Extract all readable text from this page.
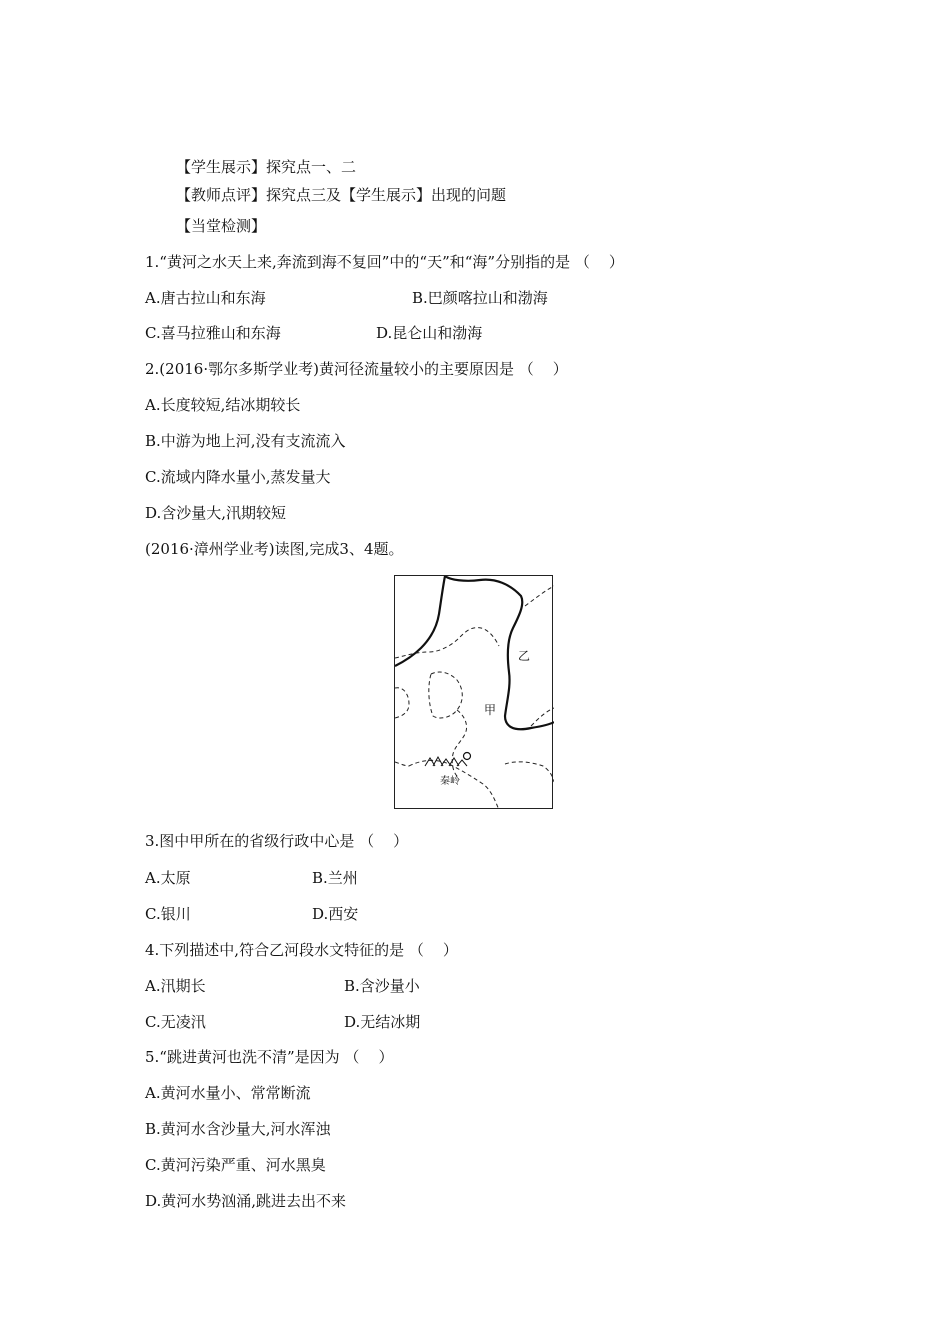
【学生展示】探究点一、二
【教师点评】探究点三及【学生展示】出现的问题
【当堂检测】
1.“黄河之水天上来,奔流到海不复回”中的“天”和“海”分别指的是 （    ）
A.唐古拉山和东海	B.巴颜喀拉山和渤海
C.喜马拉雅山和东海	D.昆仑山和渤海
2.(2016·鄂尔多斯学业考)黄河径流量较小的主要原因是 （    ）
A.长度较短,结冰期较长
B.中游为地上河,没有支流流入
C.流域内降水量小,蒸发量大
D.含沙量大,汛期较短
(2016·漳州学业考)读图,完成3、4题。
甲
乙
秦岭
3.图中甲所在的省级行政中心是 （    ）
A.太原	B.兰州
C.银川	D.西安
4.下列描述中,符合乙河段水文特征的是 （    ）
A.汛期长	B.含沙量小
C.无凌汛	D.无结冰期
5.“跳进黄河也洗不清”是因为 （    ）
A.黄河水量小、常常断流
B.黄河水含沙量大,河水浑浊
C.黄河污染严重、河水黑臭
D.黄河水势汹涌,跳进去出不来
